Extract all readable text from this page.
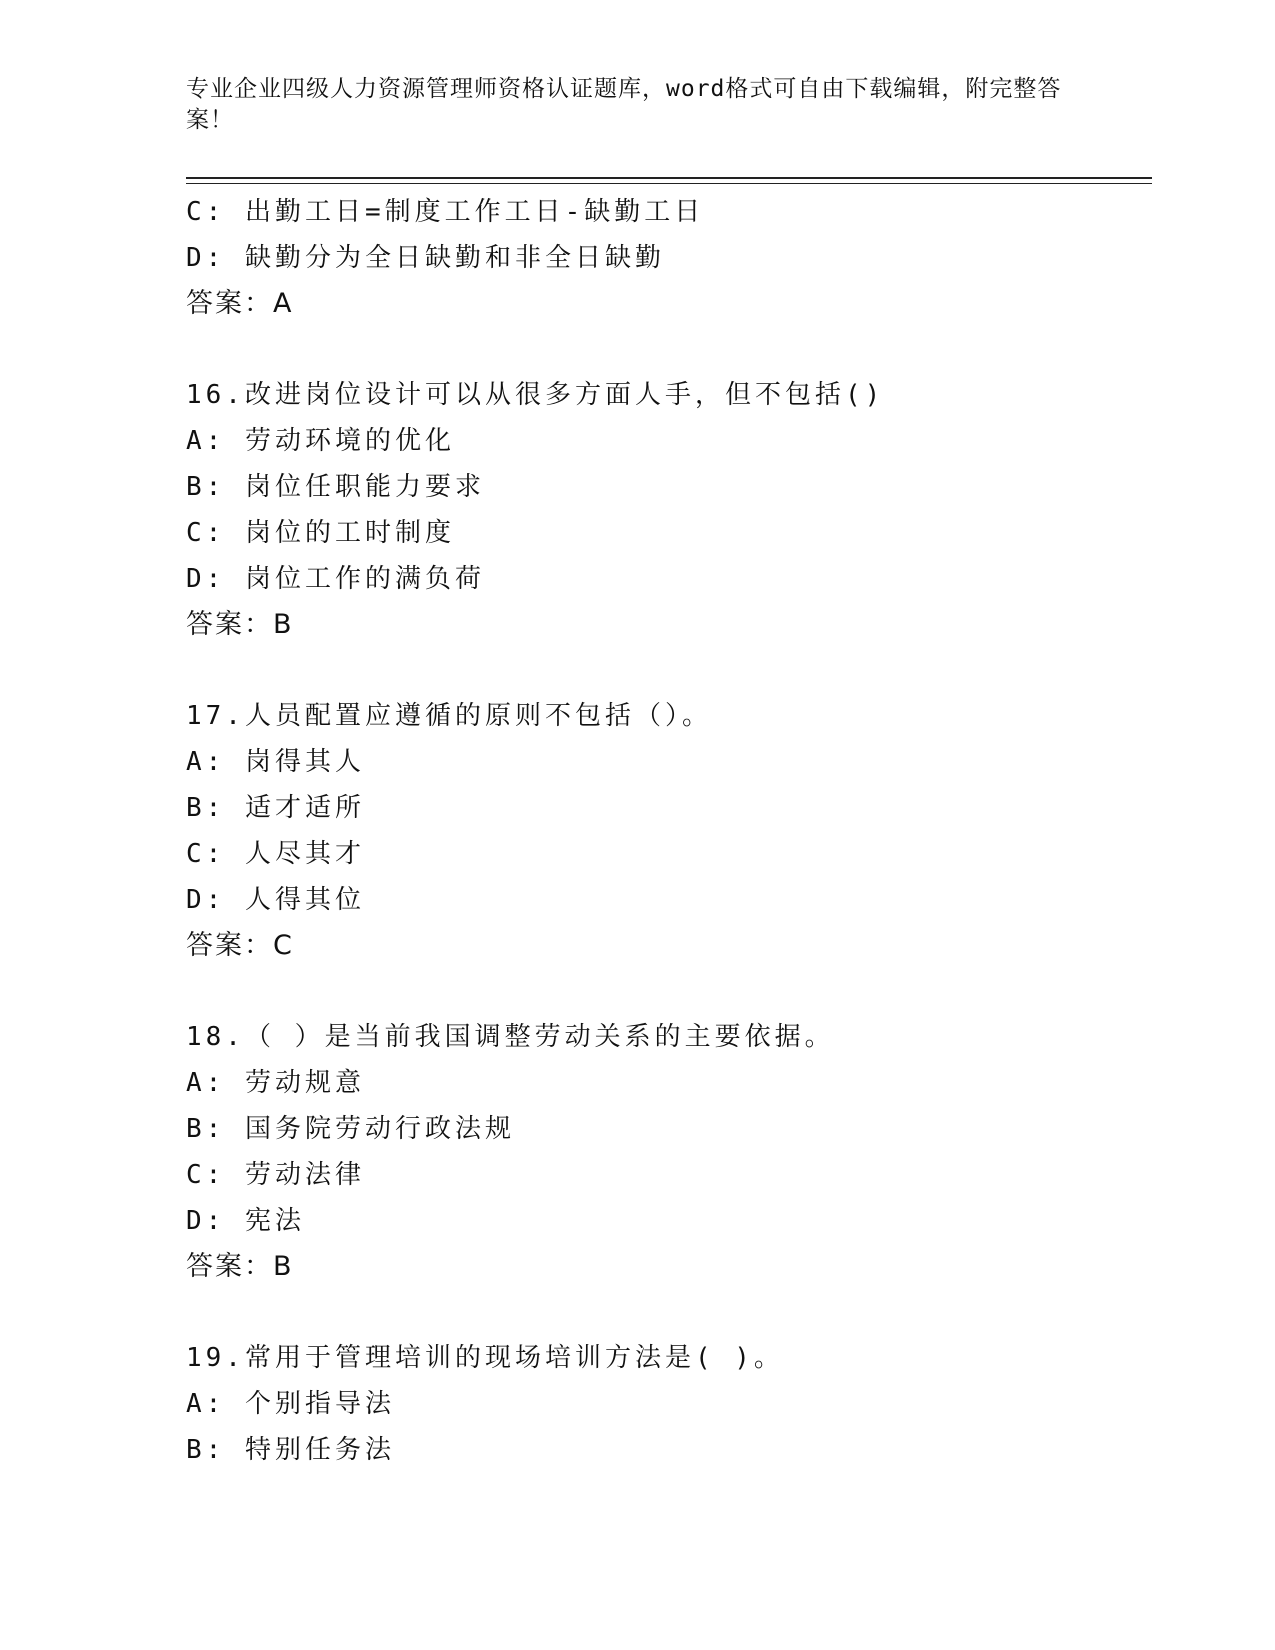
专业企业四级人力资源管理师资格认证题库，word格式可自由下载编辑，附完整答案！
C: 出勤工日=制度工作工日-缺勤工日
D: 缺勤分为全日缺勤和非全日缺勤
答案：A
16.改进岗位设计可以从很多方面人手，但不包括()
A: 劳动环境的优化
B: 岗位任职能力要求
C: 岗位的工时制度
D: 岗位工作的满负荷
答案：B
17.人员配置应遵循的原则不包括（）。
A: 岗得其人
B: 适才适所
C: 人尽其才
D: 人得其位
答案：C
18.（ ）是当前我国调整劳动关系的主要依据。
A: 劳动规意
B: 国务院劳动行政法规
C: 劳动法律
D: 宪法
答案：B
19.常用于管理培训的现场培训方法是( )。
A: 个别指导法
B: 特别任务法
